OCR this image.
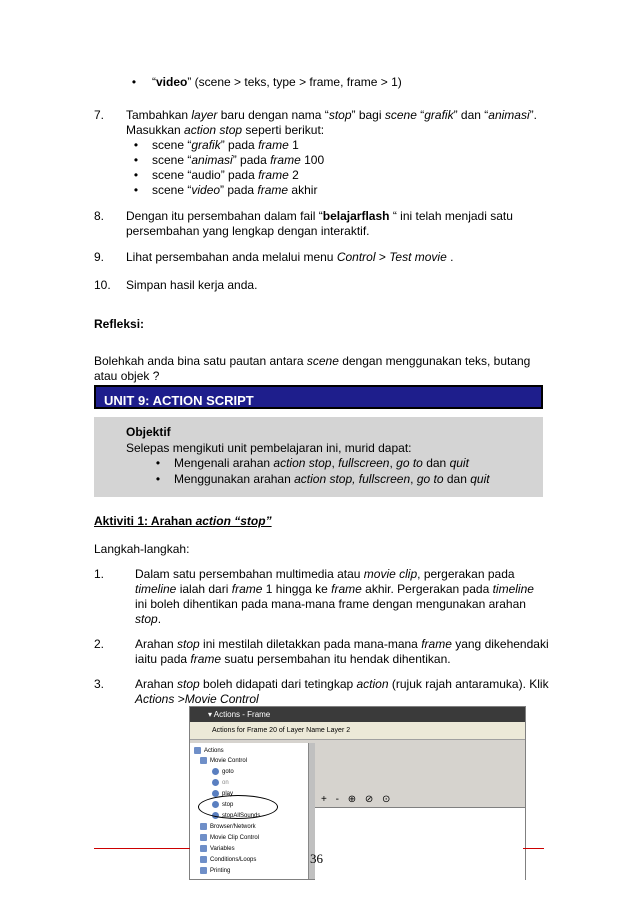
•	“video” (scene > teks, type > frame, frame > 1)
7. Tambahkan layer baru dengan nama “stop” bagi scene “grafik” dan “animasi”.
Masukkan action stop seperti berikut:
•	scene “grafik” pada frame 1
•	scene “animasi” pada frame 100
•	scene “audio” pada frame 2
•	scene “video” pada frame akhir
8. Dengan itu persembahan dalam fail “belajarflash “ ini telah menjadi satu
persembahan yang lengkap dengan interaktif.
9. Lihat persembahan anda melalui menu Control > Test movie .
10. Simpan hasil kerja anda.
Refleksi:
Bolehkah anda bina satu pautan antara scene dengan menggunakan teks, butang
atau objek ?
UNIT 9: ACTION SCRIPT
Objektif
Selepas mengikuti unit pembelajaran ini, murid dapat:
•	Mengenali arahan action stop, fullscreen, go to dan quit
•	Menggunakan arahan action stop, fullscreen, go to dan quit
Aktiviti 1: Arahan action “stop”
Langkah-langkah:
1.	Dalam satu persembahan multimedia atau movie clip, pergerakan pada
timeline ialah dari frame 1 hingga ke frame akhir. Pergerakan pada timeline
ini boleh dihentikan pada mana-mana frame dengan mengunakan arahan
stop.
2.	Arahan stop ini mestilah diletakkan pada mana-mana frame yang dikehendaki
iaitu pada frame suatu persembahan itu hendak dihentikan.
3.	Arahan stop boleh didapati dari tetingkap action (rujuk rajah antaramuka). Klik
Actions >Movie Control
▾ Actions - Frame
Actions for Frame 20 of Layer Name Layer 2
Actions
Movie Control
goto
on
play
stop
stopAllSounds
Browser/Network
Movie Clip Control
Variables
Conditions/Loops
Printing
+ - ⊕ ⊘ ⊙
36
